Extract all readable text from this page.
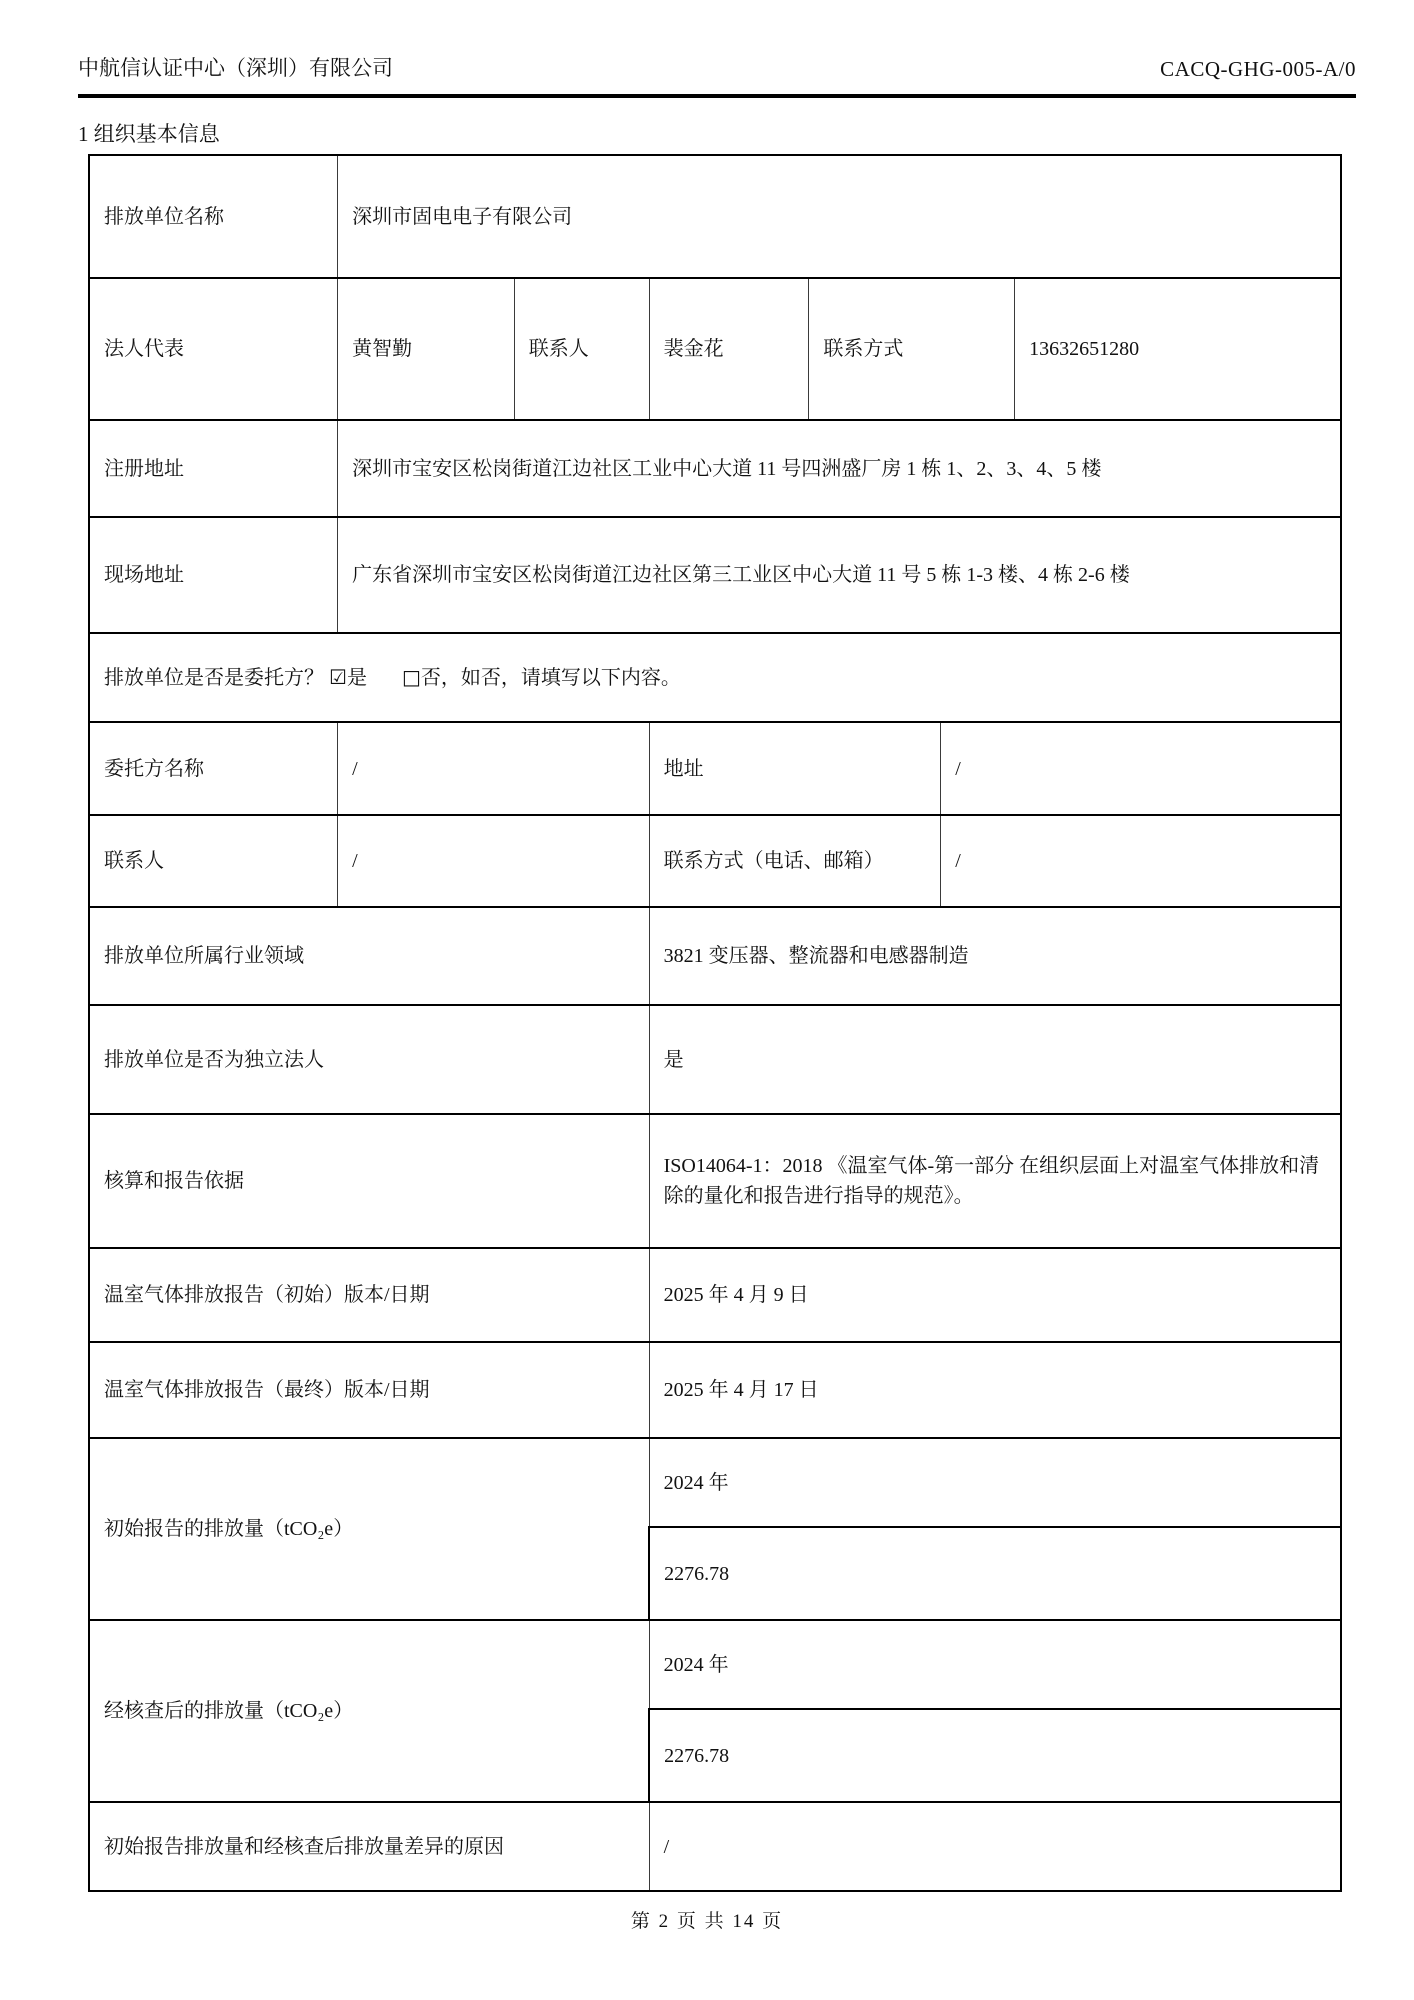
中航信认证中心（深圳）有限公司	CACQ-GHG-005-A/0
1 组织基本信息
排放单位名称	深圳市固电电子有限公司					
法人代表	黄智勤	联系人	裴金花	联系方式		13632651280
注册地址	深圳市宝安区松岗街道江边社区工业中心大道 11 号四洲盛厂房 1 栋 1、2、3、4、5 楼					
现场地址	广东省深圳市宝安区松岗街道江边社区第三工业区中心大道 11 号 5 栋 1-3 楼、4 栋 2-6 楼					
排放单位是否是委托方？ ☑是 □否，如否，请填写以下内容。						
委托方名称	/		地址		/	
联系人	/		联系方式（电话、邮箱）		/	
排放单位所属行业领域			3821 变压器、整流器和电感器制造			
排放单位是否为独立法人			是			
核算和报告依据			ISO14064-1：2018 《温室气体-第一部分 在组织层面上对温室气体排放和清除的量化和报告进行指导的规范》。			
温室气体排放报告（初始）版本/日期			2025 年 4 月 9 日			
温室气体排放报告（最终）版本/日期			2025 年 4 月 17 日			
初始报告的排放量（tCO₂e）			2024 年			
			2276.78			
经核查后的排放量（tCO₂e）			2024 年			
			2276.78			
初始报告排放量和经核查后排放量差异的原因			/			
第 2 页 共 14 页
